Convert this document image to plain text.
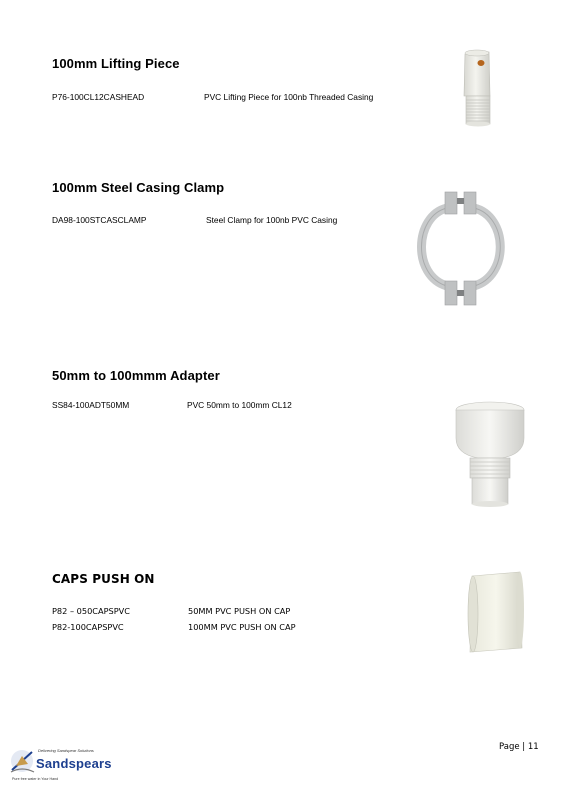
100mm Lifting Piece
P76-100CL12CASHEAD	PVC Lifting Piece for 100nb Threaded Casing
100mm Steel Casing Clamp
DA98-100STCASCLAMP	Steel Clamp for 100nb PVC Casing
50mm to 100mmm Adapter
SS84-100ADT50MM	PVC 50mm to 100mm CL12
CAPS PUSH ON
P82 – 050CAPSPVC	50MM PVC PUSH ON CAP
P82-100CAPSPVC	100MM PVC PUSH ON CAP
Page | 11
Delivering Sandspear Solutions
Sandspears
Pure free water in Your Hand
